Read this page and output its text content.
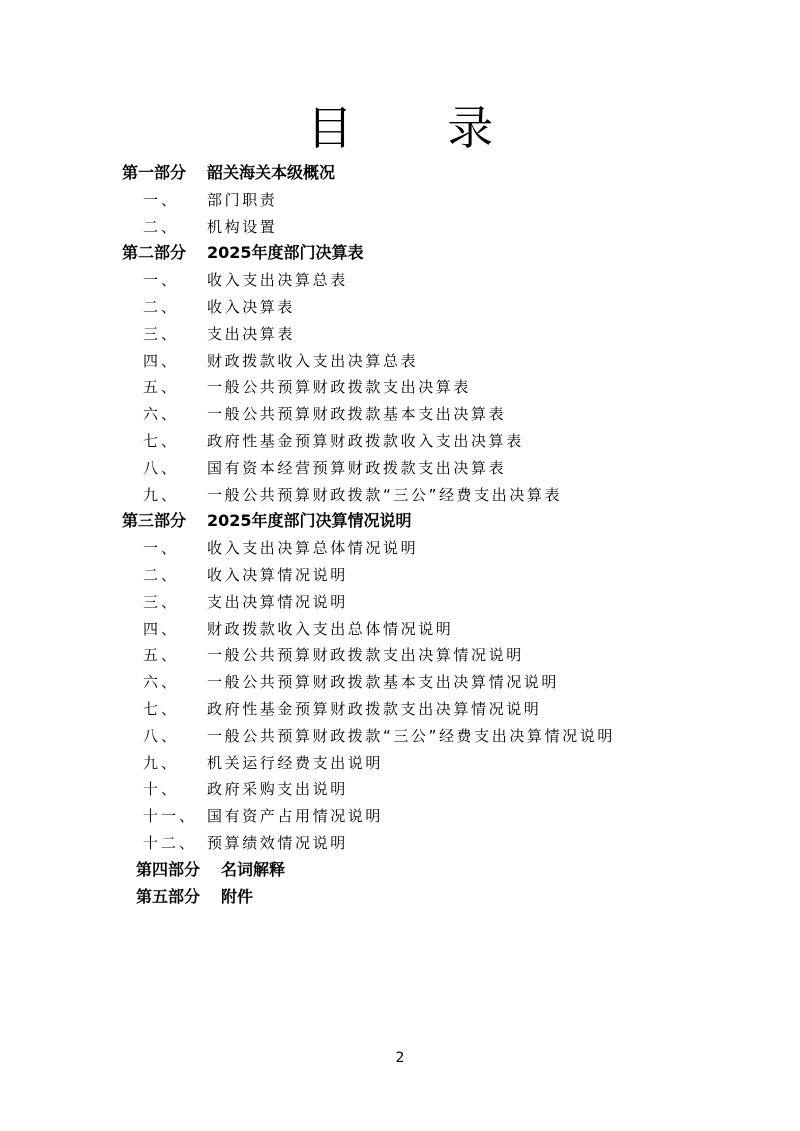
目 录
第一部分 韶关海关本级概况
一、 部门职责
二、 机构设置
第二部分 2025年度部门决算表
一、 收入支出决算总表
二、 收入决算表
三、 支出决算表
四、 财政拨款收入支出决算总表
五、 一般公共预算财政拨款支出决算表
六、 一般公共预算财政拨款基本支出决算表
七、 政府性基金预算财政拨款收入支出决算表
八、 国有资本经营预算财政拨款支出决算表
九、 一般公共预算财政拨款“三公”经费支出决算表
第三部分 2025年度部门决算情况说明
一、 收入支出决算总体情况说明
二、 收入决算情况说明
三、 支出决算情况说明
四、 财政拨款收入支出总体情况说明
五、 一般公共预算财政拨款支出决算情况说明
六、 一般公共预算财政拨款基本支出决算情况说明
七、 政府性基金预算财政拨款支出决算情况说明
八、 一般公共预算财政拨款“三公”经费支出决算情况说明
九、 机关运行经费支出说明
十、 政府采购支出说明
十一、 国有资产占用情况说明
十二、 预算绩效情况说明
第四部分 名词解释
第五部分 附件
2
